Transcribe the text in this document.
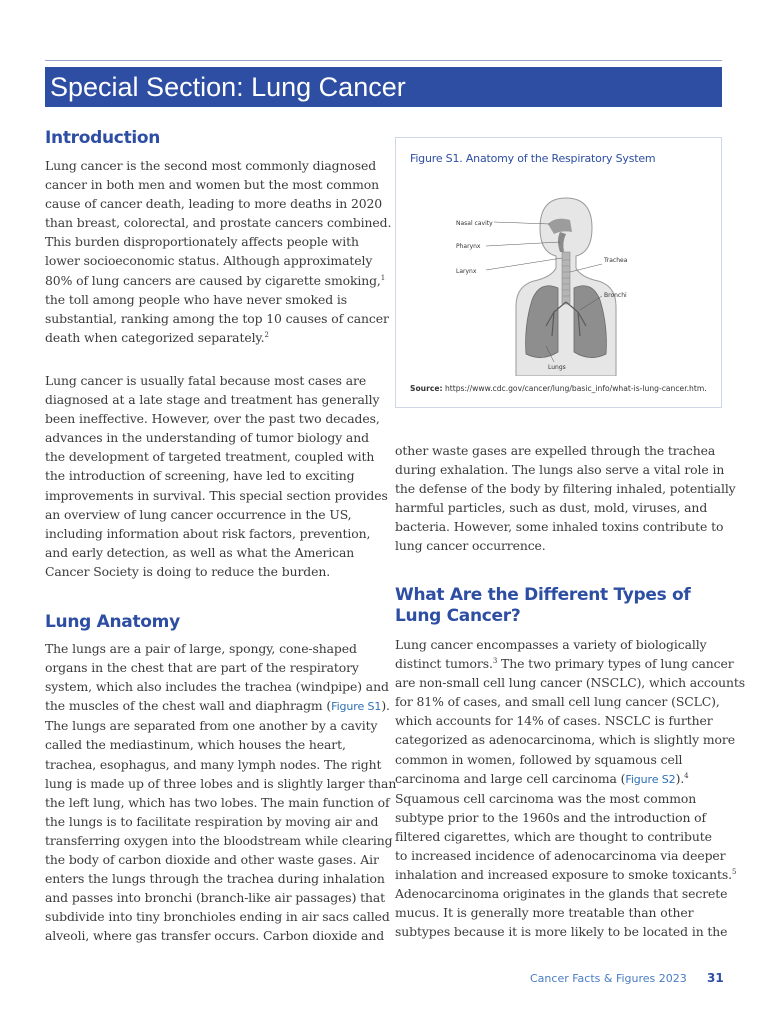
Special Section: Lung Cancer
Introduction
Lung cancer is the second most commonly diagnosed
cancer in both men and women but the most common
cause of cancer death, leading to more deaths in 2020
than breast, colorectal, and prostate cancers combined.
This burden disproportionately affects people with
lower socioeconomic status. Although approximately
80% of lung cancers are caused by cigarette smoking,$^1$
the toll among people who have never smoked is
substantial, ranking among the top 10 causes of cancer
death when categorized separately.$^2$
Lung cancer is usually fatal because most cases are
diagnosed at a late stage and treatment has generally
been ineffective. However, over the past two decades,
advances in the understanding of tumor biology and
the development of targeted treatment, coupled with
the introduction of screening, have led to exciting
improvements in survival. This special section provides
an overview of lung cancer occurrence in the US,
including information about risk factors, prevention,
and early detection, as well as what the American
Cancer Society is doing to reduce the burden.
Lung Anatomy
The lungs are a pair of large, spongy, cone-shaped
organs in the chest that are part of the respiratory
system, which also includes the trachea (windpipe) and
the muscles of the chest wall and diaphragm (Figure S1).
The lungs are separated from one another by a cavity
called the mediastinum, which houses the heart,
trachea, esophagus, and many lymph nodes. The right
lung is made up of three lobes and is slightly larger than
the left lung, which has two lobes. The main function of
the lungs is to facilitate respiration by moving air and
transferring oxygen into the bloodstream while clearing
the body of carbon dioxide and other waste gases. Air
enters the lungs through the trachea during inhalation
and passes into bronchi (branch-like air passages) that
subdivide into tiny bronchioles ending in air sacs called
alveoli, where gas transfer occurs. Carbon dioxide and
Figure S1. Anatomy of the Respiratory System
Nasal cavity
Pharynx
Larynx
Trachea
Bronchi
Lungs
Source: https://www.cdc.gov/cancer/lung/basic_info/what-is-lung-cancer.htm.
other waste gases are expelled through the trachea
during exhalation. The lungs also serve a vital role in
the defense of the body by filtering inhaled, potentially
harmful particles, such as dust, mold, viruses, and
bacteria. However, some inhaled toxins contribute to
lung cancer occurrence.
What Are the Different Types of
Lung Cancer?
Lung cancer encompasses a variety of biologically
distinct tumors.$^3$ The two primary types of lung cancer
are non-small cell lung cancer (NSCLC), which accounts
for 81% of cases, and small cell lung cancer (SCLC),
which accounts for 14% of cases. NSCLC is further
categorized as adenocarcinoma, which is slightly more
common in women, followed by squamous cell
carcinoma and large cell carcinoma (Figure S2).$^4$
Squamous cell carcinoma was the most common
subtype prior to the 1960s and the introduction of
filtered cigarettes, which are thought to contribute
to increased incidence of adenocarcinoma via deeper
inhalation and increased exposure to smoke toxicants.$^5$
Adenocarcinoma originates in the glands that secrete
mucus. It is generally more treatable than other
subtypes because it is more likely to be located in the
Cancer Facts & Figures 2023 31
